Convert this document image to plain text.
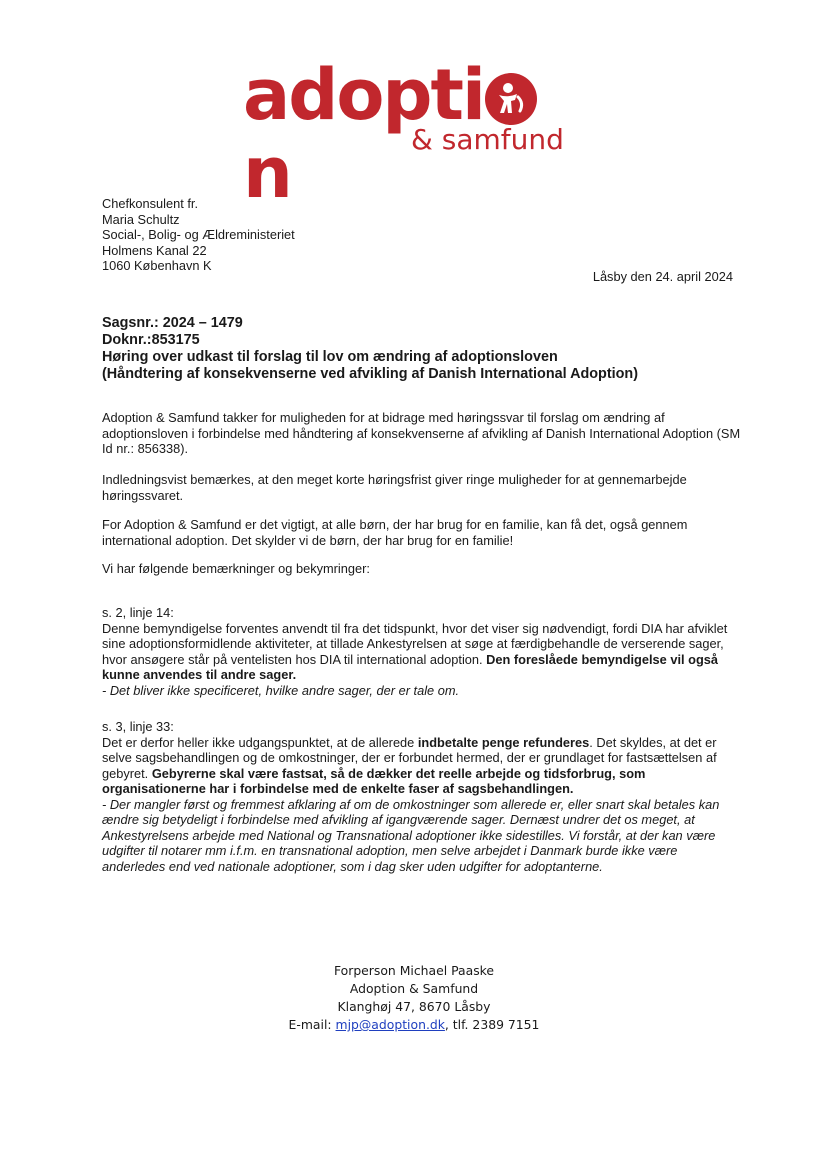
adopti
n	& samfund
Chefkonsulent fr.
Maria Schultz
Social-, Bolig- og Ældreministeriet
Holmens Kanal 22
1060 København K
Låsby den 24. april 2024
Sagsnr.: 2024 – 1479
Doknr.:853175
Høring over udkast til forslag til lov om ændring af adoptionsloven
(Håndtering af konsekvenserne ved afvikling af Danish International Adoption)

Adoption & Samfund takker for muligheden for at bidrage med høringssvar til forslag om ændring af adoptionsloven i forbindelse med håndtering af konsekvenserne af afvikling af Danish International Adoption (SM Id nr.: 856338).

Indledningsvist bemærkes, at den meget korte høringsfrist giver ringe muligheder for at gennemarbejde høringssvaret.

For Adoption & Samfund er det vigtigt, at alle børn, der har brug for en familie, kan få det, også gennem international adoption. Det skylder vi de børn, der har brug for en familie!

Vi har følgende bemærkninger og bekymringer:

s. 2, linje 14:
Denne bemyndigelse forventes anvendt til fra det tidspunkt, hvor det viser sig nødvendigt, fordi DIA har afviklet sine adoptionsformidlende aktiviteter, at tillade Ankestyrelsen at søge at færdigbehandle de verserende sager, hvor ansøgere står på ventelisten hos DIA til international adoption. Den foreslåede bemyndigelse vil også kunne anvendes til andre sager.
- Det bliver ikke specificeret, hvilke andre sager, der er tale om.
s. 3, linje 33:
Det er derfor heller ikke udgangspunktet, at de allerede indbetalte penge refunderes. Det skyldes, at det er selve sagsbehandlingen og de omkostninger, der er forbundet hermed, der er grundlaget for fastsættelsen af gebyret. Gebyrerne skal være fastsat, så de dækker det reelle arbejde og tidsforbrug, som organisationerne har i forbindelse med de enkelte faser af sagsbehandlingen.
- Der mangler først og fremmest afklaring af om de omkostninger som allerede er, eller snart skal betales kan ændre sig betydeligt i forbindelse med afvikling af igangværende sager. Dernæst undrer det os meget, at Ankestyrelsens arbejde med National og Transnational adoptioner ikke sidestilles. Vi forstår, at der kan være udgifter til notarer mm i.f.m. en transnational adoption, men selve arbejdet i Danmark burde ikke være anderledes end ved nationale adoptioner, som i dag sker uden udgifter for adoptanterne.
Forperson Michael Paaske
Adoption & Samfund
Klanghøj 47, 8670 Låsby
E-mail: mjp@adoption.dk, tlf. 2389 7151
